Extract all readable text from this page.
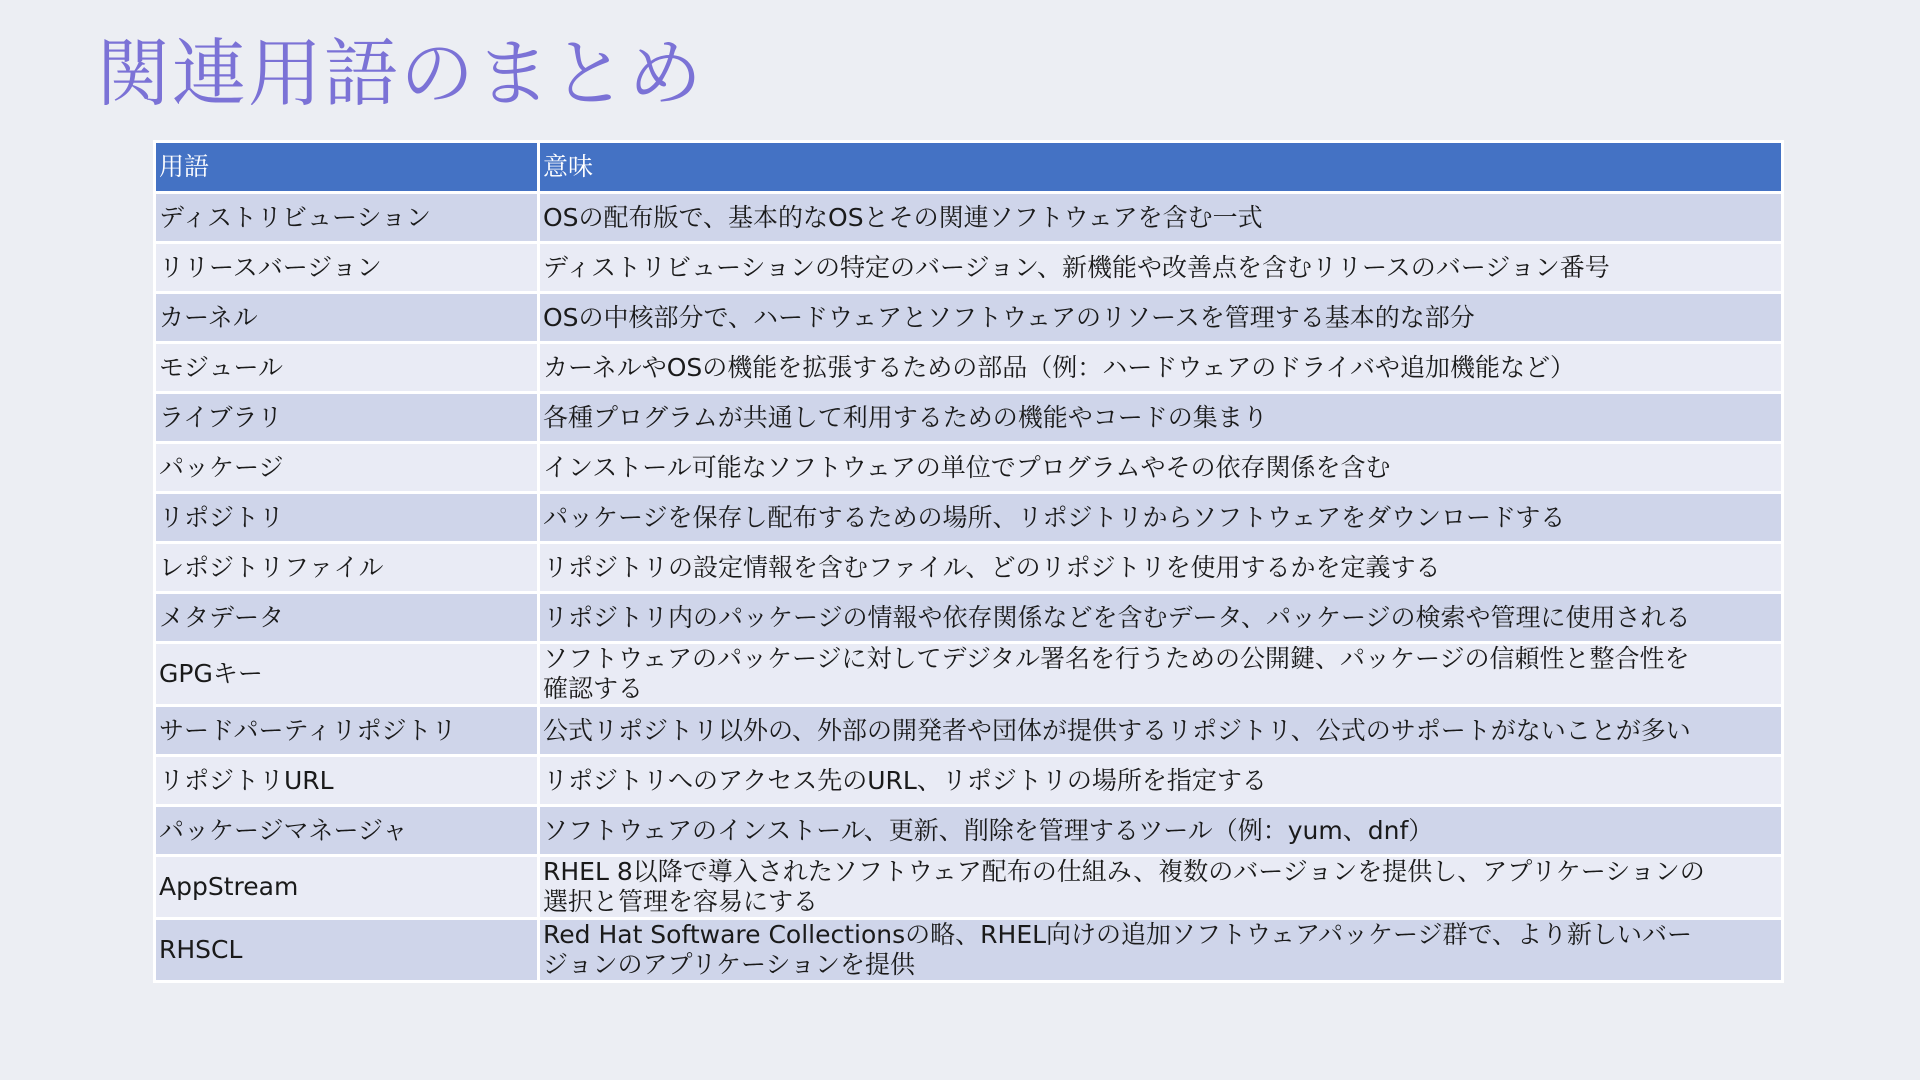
関連用語のまとめ
用語	意味
ディストリビューション	OSの配布版で、基本的なOSとその関連ソフトウェアを含む一式
リリースバージョン	ディストリビューションの特定のバージョン、新機能や改善点を含むリリースのバージョン番号
カーネル	OSの中核部分で、ハードウェアとソフトウェアのリソースを管理する基本的な部分
モジュール	カーネルやOSの機能を拡張するための部品（例：ハードウェアのドライバや追加機能など）
ライブラリ	各種プログラムが共通して利用するための機能やコードの集まり
パッケージ	インストール可能なソフトウェアの単位でプログラムやその依存関係を含む
リポジトリ	パッケージを保存し配布するための場所、リポジトリからソフトウェアをダウンロードする
レポジトリファイル	リポジトリの設定情報を含むファイル、どのリポジトリを使用するかを定義する
メタデータ	リポジトリ内のパッケージの情報や依存関係などを含むデータ、パッケージの検索や管理に使用される
GPGキー	ソフトウェアのパッケージに対してデジタル署名を行うための公開鍵、パッケージの信頼性と整合性を
確認する
サードパーティリポジトリ	公式リポジトリ以外の、外部の開発者や団体が提供するリポジトリ、公式のサポートがないことが多い
リポジトリURL	リポジトリへのアクセス先のURL、リポジトリの場所を指定する
パッケージマネージャ	ソフトウェアのインストール、更新、削除を管理するツール（例：yum、dnf）
AppStream	RHEL 8以降で導入されたソフトウェア配布の仕組み、複数のバージョンを提供し、アプリケーションの
選択と管理を容易にする
RHSCL	Red Hat Software Collectionsの略、RHEL向けの追加ソフトウェアパッケージ群で、より新しいバー
ジョンのアプリケーションを提供
